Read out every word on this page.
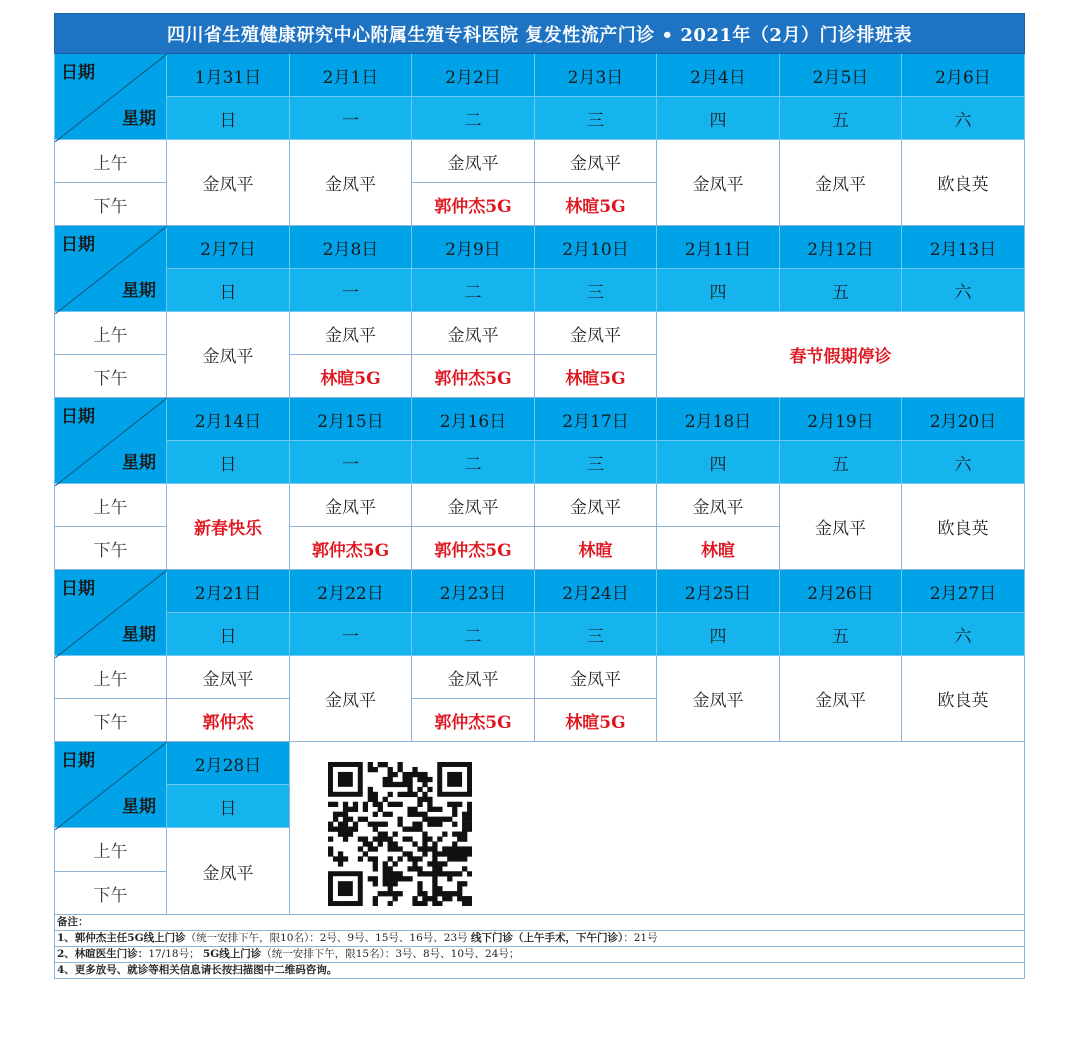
四川省生殖健康研究中心附属生殖专科医院 复发性流产门诊 • 2021年（2月）门诊排班表							

日期
星期	1月31日	2月1日	2月2日	2月3日	2月4日	2月5日	2月6日
	日	一	二	三	四	五	六
上午	金凤平	金凤平	金凤平	金凤平	金凤平	金凤平	欧良英
下午			郭仲杰5G	林暄5G			

日期
星期	2月7日	2月8日	2月9日	2月10日	2月11日	2月12日	2月13日
	日	一	二	三	四	五	六
上午	金凤平	金凤平	金凤平	金凤平	春节假期停诊		
下午		林暄5G	郭仲杰5G	林暄5G			

日期
星期	2月14日	2月15日	2月16日	2月17日	2月18日	2月19日	2月20日
	日	一	二	三	四	五	六
上午	新春快乐	金凤平	金凤平	金凤平	金凤平	金凤平	欧良英
下午		郭仲杰5G	郭仲杰5G	林暄	林暄		

日期
星期	2月21日	2月22日	2月23日	2月24日	2月25日	2月26日	2月27日
	日	一	二	三	四	五	六
上午	金凤平	金凤平	金凤平	金凤平	金凤平	金凤平	欧良英
下午	郭仲杰		郭仲杰5G	林暄5G			

日期
星期	2月28日	

	日						
上午	金凤平						
下午							

备注：
1、郭仲杰主任5G线上门诊（统一安排下午，限10名）：2号、9号、15号、16号、23号 线下门诊（上午手术，下午门诊）：21号
2、林暄医生门诊：17/18号； 5G线上门诊（统一安排下午，限15名）：3号、8号、10号、24号；
4、更多放号、就诊等相关信息请长按扫描图中二维码咨询。							
